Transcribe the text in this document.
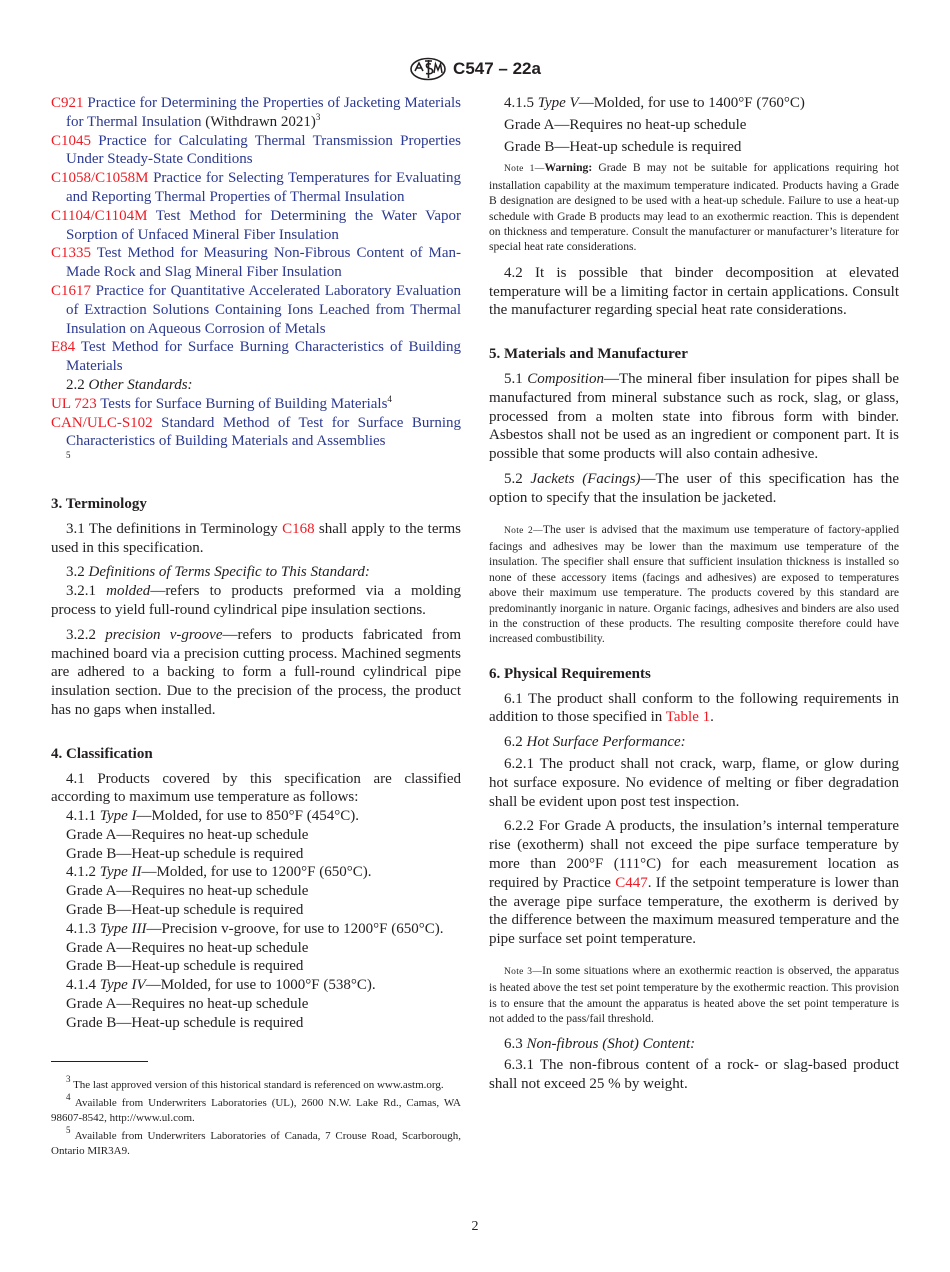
C547 – 22a

C921 Practice for Determining the Properties of Jacketing Materials for Thermal Insulation (Withdrawn 2021)$^3$

C1045 Practice for Calculating Thermal Transmission Properties Under Steady-State Conditions

C1058/C1058M Practice for Selecting Temperatures for Evaluating and Reporting Thermal Properties of Thermal Insulation

C1104/C1104M Test Method for Determining the Water Vapor Sorption of Unfaced Mineral Fiber Insulation

C1335 Test Method for Measuring Non-Fibrous Content of Man-Made Rock and Slag Mineral Fiber Insulation

C1617 Practice for Quantitative Accelerated Laboratory Evaluation of Extraction Solutions Containing Ions Leached from Thermal Insulation on Aqueous Corrosion of Metals

E84 Test Method for Surface Burning Characteristics of Building Materials

2.2 Other Standards:

UL 723 Tests for Surface Burning of Building Materials$^4$

CAN/ULC-S102 Standard Method of Test for Surface Burning Characteristics of Building Materials and Assemblies
$^5$

3. Terminology

3.1 The definitions in Terminology C168 shall apply to the terms used in this specification.

3.2 Definitions of Terms Specific to This Standard:

3.2.1 molded—refers to products preformed via a molding process to yield full-round cylindrical pipe insulation sections.

3.2.2 precision v-groove—refers to products fabricated from machined board via a precision cutting process. Machined segments are adhered to a backing to form a full-round cylindrical pipe insulation section. Due to the precision of the process, the product has no gaps when installed.

4. Classification

4.1 Products covered by this specification are classified according to maximum use temperature as follows:

4.1.1 Type I—Molded, for use to 850°F (454°C).

Grade A—Requires no heat-up schedule

Grade B—Heat-up schedule is required

4.1.2 Type II—Molded, for use to 1200°F (650°C).

Grade A—Requires no heat-up schedule

Grade B—Heat-up schedule is required

4.1.3 Type III—Precision v-groove, for use to 1200°F (650°C).

Grade A—Requires no heat-up schedule

Grade B—Heat-up schedule is required

4.1.4 Type IV—Molded, for use to 1000°F (538°C).

Grade A—Requires no heat-up schedule

Grade B—Heat-up schedule is required

$^3$ The last approved version of this historical standard is referenced on www.astm.org.

$^4$ Available from Underwriters Laboratories (UL), 2600 N.W. Lake Rd., Camas, WA 98607-8542, http://www.ul.com.

$^5$ Available from Underwriters Laboratories of Canada, 7 Crouse Road, Scarborough, Ontario MIR3A9.

4.1.5 Type V—Molded, for use to 1400°F (760°C)

Grade A—Requires no heat-up schedule

Grade B—Heat-up schedule is required

Note 1—Warning: Grade B may not be suitable for applications requiring hot installation capability at the maximum temperature indicated. Products having a Grade B designation are designed to be used with a heat-up schedule. Failure to use a heat-up schedule with Grade B products may lead to an exothermic reaction. This is dependent on thickness and temperature. Consult the manufacturer or manufacturer’s literature for special heat rate considerations.

4.2 It is possible that binder decomposition at elevated temperature will be a limiting factor in certain applications. Consult the manufacturer regarding special heat rate considerations.

5. Materials and Manufacturer

5.1 Composition—The mineral fiber insulation for pipes shall be manufactured from mineral substance such as rock, slag, or glass, processed from a molten state into fibrous form with binder. Asbestos shall not be used as an ingredient or component part. It is possible that some products will also contain adhesive.

5.2 Jackets (Facings)—The user of this specification has the option to specify that the insulation be jacketed.

Note 2—The user is advised that the maximum use temperature of factory-applied facings and adhesives may be lower than the maximum use temperature of the insulation. The specifier shall ensure that sufficient insulation thickness is installed so none of these accessory items (facings and adhesives) are exposed to temperatures above their maximum use temperature. The products covered by this standard are predominantly inorganic in nature. Organic facings, adhesives and binders are also used in the construction of these products. The resulting composite therefore could have increased combustibility.

6. Physical Requirements

6.1 The product shall conform to the following requirements in addition to those specified in Table 1.

6.2 Hot Surface Performance:

6.2.1 The product shall not crack, warp, flame, or glow during hot surface exposure. No evidence of melting or fiber degradation shall be evident upon post test inspection.

6.2.2 For Grade A products, the insulation’s internal temperature rise (exotherm) shall not exceed the pipe surface temperature by more than 200°F (111°C) for each measurement location as required by Practice C447. If the setpoint temperature is lower than the average pipe surface temperature, the exotherm is derived by the difference between the maximum measured temperature and the pipe surface set point temperature.

Note 3—In some situations where an exothermic reaction is observed, the apparatus is heated above the test set point temperature by the exothermic reaction. This provision is to ensure that the amount the apparatus is heated above the set point temperature is not added to the pass/fail threshold.

6.3 Non-fibrous (Shot) Content:

6.3.1 The non-fibrous content of a rock- or slag-based product shall not exceed 25 % by weight.

2
